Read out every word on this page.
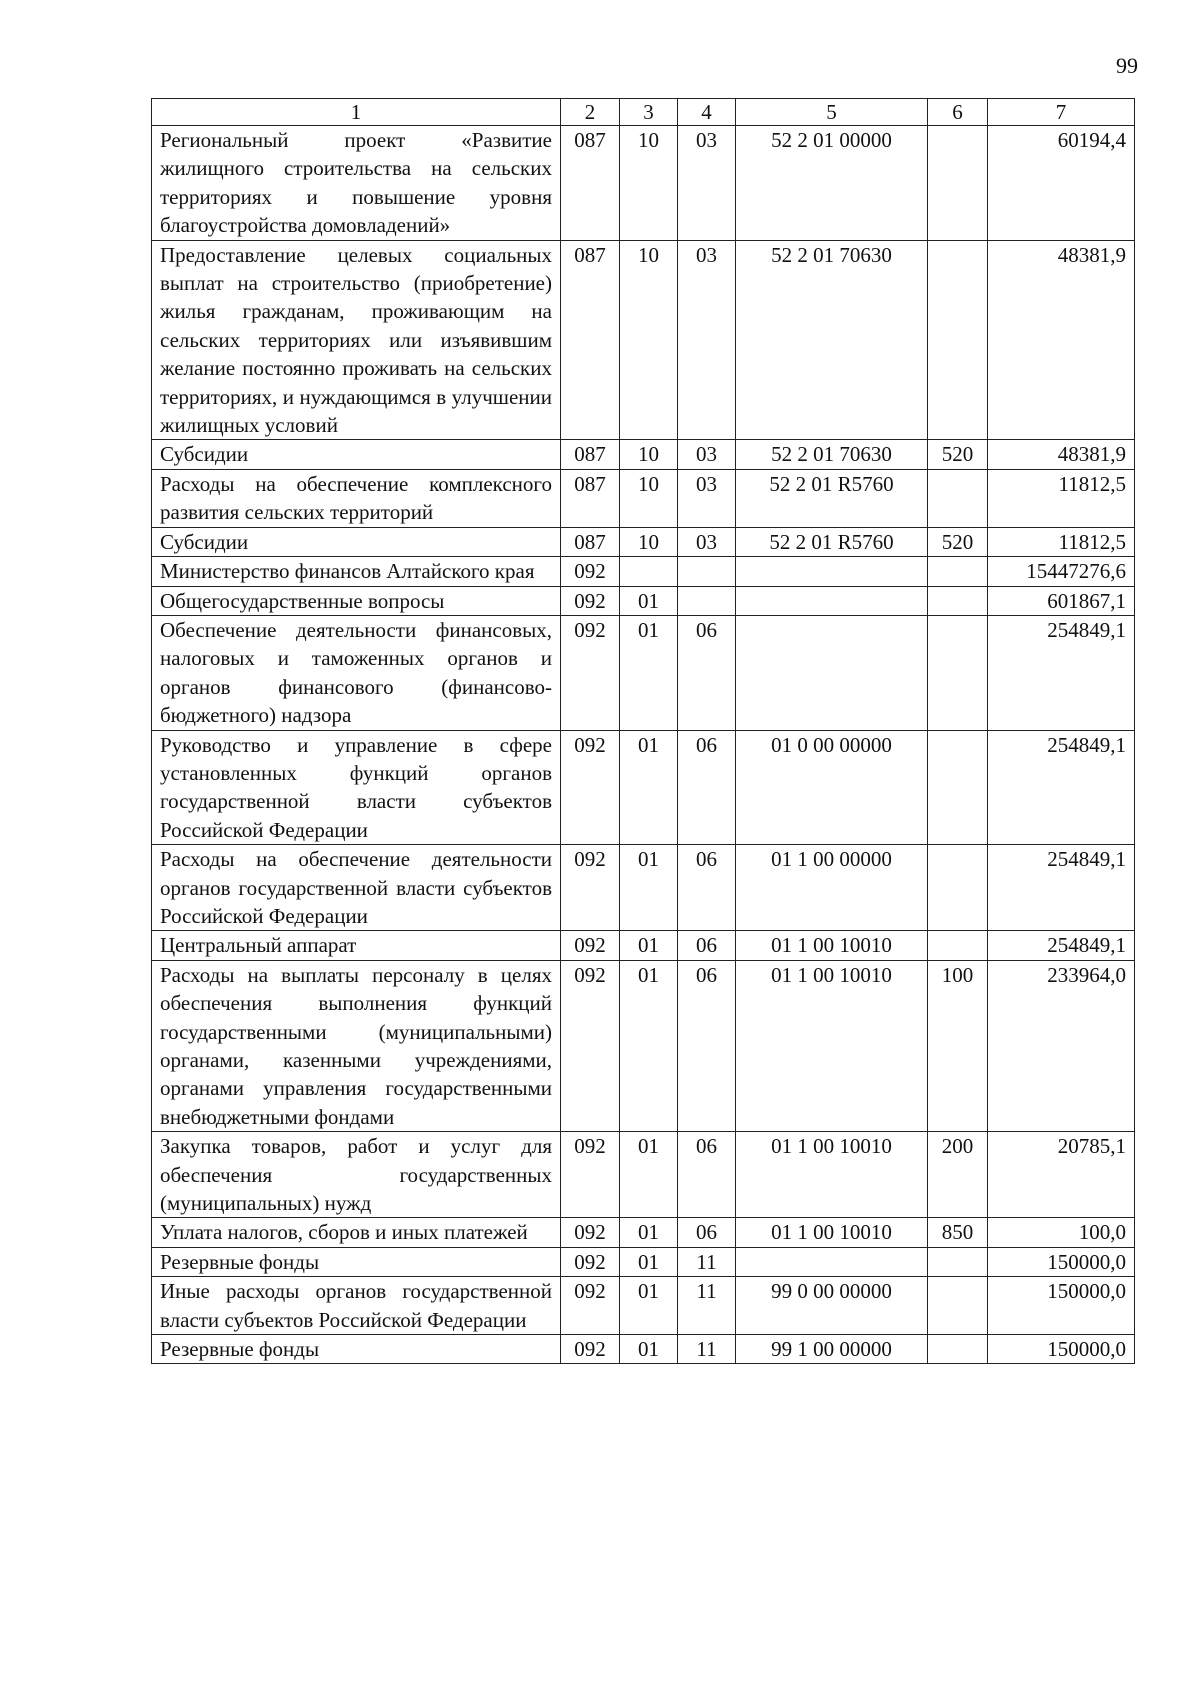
99
1	2	3	4	5	6	7
Региональный проект «Развитие жилищного строительства на сельских территориях и повышение уровня благоустройства домовладений»	087	10	03	52 2 01 00000		60194,4
Предоставление целевых социальных выплат на строительство (приобретение) жилья гражданам, проживающим на сельских территориях или изъявившим желание постоянно проживать на сельских территориях, и нуждающимся в улучшении жилищных условий	087	10	03	52 2 01 70630		48381,9
Субсидии	087	10	03	52 2 01 70630	520	48381,9
Расходы на обеспечение комплексного развития сельских территорий	087	10	03	52 2 01 R5760		11812,5
Субсидии	087	10	03	52 2 01 R5760	520	11812,5
Министерство финансов Алтайского края	092					15447276,6
Общегосударственные вопросы	092	01				601867,1
Обеспечение деятельности финансовых, налоговых и таможенных органов и органов финансового (финансово-бюджетного) надзора	092	01	06			254849,1
Руководство и управление в сфере установленных функций органов государственной власти субъектов Российской Федерации	092	01	06	01 0 00 00000		254849,1
Расходы на обеспечение деятельности органов государственной власти субъектов Российской Федерации	092	01	06	01 1 00 00000		254849,1
Центральный аппарат	092	01	06	01 1 00 10010		254849,1
Расходы на выплаты персоналу в целях обеспечения выполнения функций государственными (муниципальными) органами, казенными учреждениями, органами управления государственными внебюджетными фондами	092	01	06	01 1 00 10010	100	233964,0
Закупка товаров, работ и услуг для обеспечения государственных (муниципальных) нужд	092	01	06	01 1 00 10010	200	20785,1
Уплата налогов, сборов и иных платежей	092	01	06	01 1 00 10010	850	100,0
Резервные фонды	092	01	11			150000,0
Иные расходы органов государственной власти субъектов Российской Федерации	092	01	11	99 0 00 00000		150000,0
Резервные фонды	092	01	11	99 1 00 00000		150000,0
